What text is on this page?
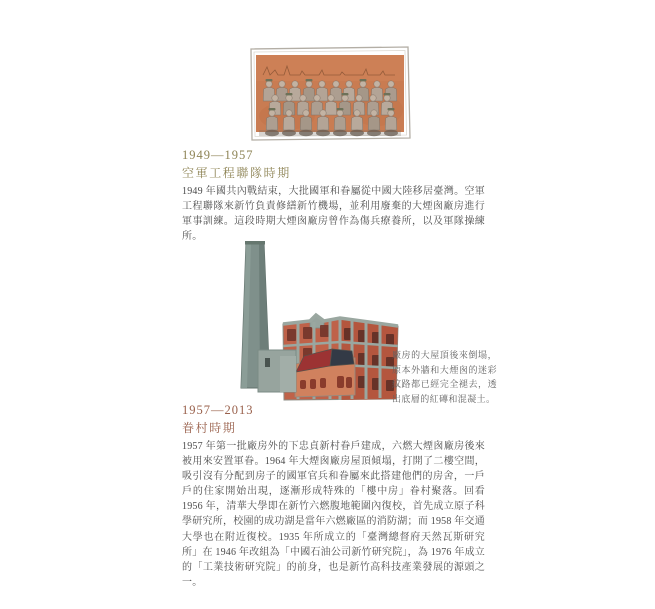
1949—1957
空軍工程聯隊時期
1949 年國共內戰結束，大批國軍和眷屬從中國大陸移居臺灣。空軍工程聯隊來新竹負責修繕新竹機場，並利用廢棄的大煙囪廠房進行軍事訓練。這段時期大煙囪廠房曾作為傷兵療養所，以及軍隊操練所。
廠房的大屋頂後來倒塌，原本外牆和大煙囪的迷彩紋路都已經完全褪去，透出底層的紅磚和混凝土。
1957—2013
眷村時期
1957 年第一批廠房外的下忠貞新村眷戶建成，六燃大煙囪廠房後來被用來安置軍眷。1964 年大煙囪廠房屋頂傾塌，打開了二樓空間，吸引沒有分配到房子的國軍官兵和眷屬來此搭建他們的房舍，一戶戶的住家開始出現，逐漸形成特殊的「樓中房」眷村聚落。回看 1956 年，清華大學即在新竹六燃腹地範圍內復校，首先成立原子科學研究所，校園的成功湖是當年六燃廠區的消防湖；而 1958 年交通大學也在附近復校。1935 年所成立的「臺灣總督府天然瓦斯研究所」在 1946 年改組為「中國石油公司新竹研究院」，為 1976 年成立的「工業技術研究院」的前身，也是新竹高科技產業發展的源頭之一。
